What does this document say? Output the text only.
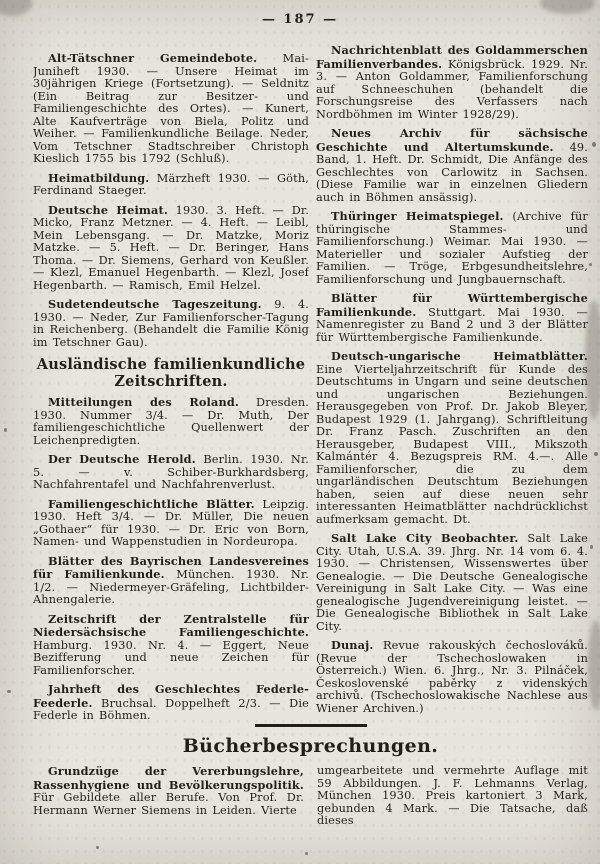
— 187 —

Alt-Tätschner Gemeindebote. Mai-Juniheft 1930. — Unsere Heimat im 30jährigen Kriege (Fortsetzung). — Seldnitz (Ein Beitrag zur Besitzer- und Familiengeschichte des Ortes). — Kunert, Alte Kaufverträge von Biela, Politz und Weiher. — Familienkundliche Beilage. Neder, Vom Tetschner Stadtschreiber Christoph Kieslich 1755 bis 1792 (Schluß).

Heimatbildung. Märzheft 1930. — Göth, Ferdinand Staeger.

Deutsche Heimat. 1930. 3. Heft. — Dr. Micko, Franz Metzner. — 4. Heft. — Leibl, Mein Lebensgang. — Dr. Matzke, Moriz Matzke. — 5. Heft. — Dr. Beringer, Hans Thoma. — Dr. Siemens, Gerhard von Keußler. — Klezl, Emanuel Hegenbarth. — Klezl, Josef Hegenbarth. — Ramisch, Emil Helzel.

Sudetendeutsche Tageszeitung. 9. 4. 1930. — Neder, Zur Familienforscher-Tagung in Reichenberg. (Behandelt die Familie König im Tetschner Gau).

Ausländische familienkundliche Zeitschriften.

Mitteilungen des Roland. Dresden. 1930. Nummer 3/4. — Dr. Muth, Der familiengeschichtliche Quellenwert der Leichenpredigten.

Der Deutsche Herold. Berlin. 1930. Nr. 5. — v. Schiber-Burkhardsberg, Nachfahrentafel und Nachfahrenverlust.

Familiengeschichtliche Blätter. Leipzig. 1930. Heft 3/4. — Dr. Müller, Die neuen „Gothaer“ für 1930. — Dr. Eric von Born, Namen- und Wappenstudien in Nordeuropa.

Blätter des Bayrischen Landesvereines für Familienkunde. München. 1930. Nr. 1/2. — Niedermeyer-Gräfeling, Lichtbilder-Ahnengalerie.

Zeitschrift der Zentralstelle für Niedersächsische Familiengeschichte. Hamburg. 1930. Nr. 4. — Eggert, Neue Bezifferung und neue Zeichen für Familienforscher.

Jahrheft des Geschlechtes Federle-Feederle. Bruchsal. Doppelheft 2/3. — Die Federle in Böhmen.

Nachrichtenblatt des Goldammerschen Familienverbandes. Königsbrück. 1929. Nr. 3. — Anton Goldammer, Familienforschung auf Schneeschuhen (behandelt die Forschungsreise des Verfassers nach Nordböhmen im Winter 1928/29).

Neues Archiv für sächsische Geschichte und Altertumskunde. 49. Band, 1. Heft. Dr. Schmidt, Die Anfänge des Geschlechtes von Carlowitz in Sachsen. (Diese Familie war in einzelnen Gliedern auch in Böhmen ansässig).

Thüringer Heimatspiegel. (Archive für thüringische Stammes- und Familienforschung.) Weimar. Mai 1930. — Materieller und sozialer Aufstieg der Familien. — Tröge, Erbgesundheitslehre, Familienforschung und Jungbauernschaft.

Blätter für Württembergische Familienkunde. Stuttgart. Mai 1930. — Namenregister zu Band 2 und 3 der Blätter für Württembergische Familienkunde.

Deutsch-ungarische Heimatblätter. Eine Vierteljahrzeitschrift für Kunde des Deutschtums in Ungarn und seine deutschen und ungarischen Beziehungen. Herausgegeben von Prof. Dr. Jakob Bleyer, Budapest 1929 (1. Jahrgang). Schriftleitung Dr. Franz Pasch. Zuschriften an den Herausgeber, Budapest VIII., Mikszoth Kalmántér 4. Bezugspreis RM. 4.—. Alle Familienforscher, die zu dem ungarländischen Deutschtum Beziehungen haben, seien auf diese neuen sehr interessanten Heimatblätter nachdrücklichst aufmerksam gemacht. Dt.

Salt Lake City Beobachter. Salt Lake City. Utah, U.S.A. 39. Jhrg. Nr. 14 vom 6. 4. 1930. — Christensen, Wissenswertes über Genealogie. — Die Deutsche Genealogische Vereinigung in Salt Lake City. — Was eine genealogische Jugendvereinigung leistet. — Die Genealogische Bibliothek in Salt Lake City.

Dunaj. Revue rakouských čechoslováků. (Revue der Tschechoslowaken in Österreich.) Wien. 6. Jhrg., Nr. 3. Pilnáček, Československé paběrky z videnských archivů. (Tschechoslowakische Nachlese aus Wiener Archiven.)

Bücherbesprechungen.

Grundzüge der Vererbungslehre, Rassenhygiene und Bevölkerungspolitik. Für Gebildete aller Berufe. Von Prof. Dr. Hermann Werner Siemens in Leiden. Vierte

umgearbeitete und vermehrte Auflage mit 59 Abbildungen. J. F. Lehmanns Verlag, München 1930. Preis kartoniert 3 Mark, gebunden 4 Mark. — Die Tatsache, daß dieses
